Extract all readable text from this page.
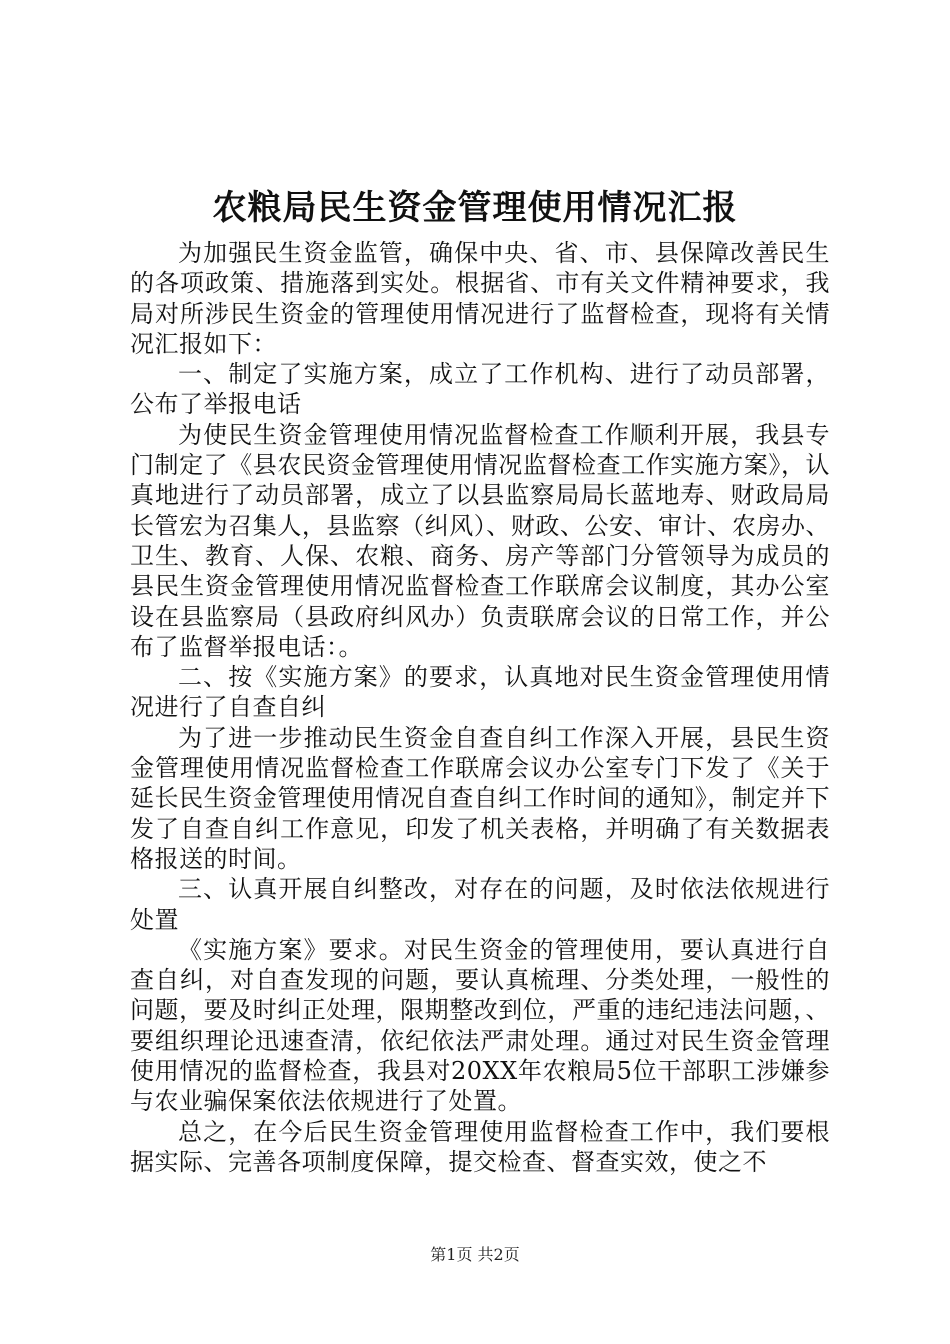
农粮局民生资金管理使用情况汇报

为加强民生资金监管，确保中央、省、市、县保障改善民生的各项政策、措施落到实处。根据省、市有关文件精神要求，我局对所涉民生资金的管理使用情况进行了监督检查，现将有关情况汇报如下：

一、制定了实施方案，成立了工作机构、进行了动员部署，公布了举报电话

为使民生资金管理使用情况监督检查工作顺利开展，我县专门制定了《县农民资金管理使用情况监督检查工作实施方案》，认真地进行了动员部署，成立了以县监察局局长蓝地寿、财政局局长管宏为召集人，县监察（纠风）、财政、公安、审计、农房办、卫生、教育、人保、农粮、商务、房产等部门分管领导为成员的县民生资金管理使用情况监督检查工作联席会议制度，其办公室设在县监察局（县政府纠风办）负责联席会议的日常工作，并公布了监督举报电话：。

二、按《实施方案》的要求，认真地对民生资金管理使用情况进行了自查自纠

为了进一步推动民生资金自查自纠工作深入开展，县民生资金管理使用情况监督检查工作联席会议办公室专门下发了《关于延长民生资金管理使用情况自查自纠工作时间的通知》，制定并下发了自查自纠工作意见，印发了机关表格，并明确了有关数据表格报送的时间。

三、认真开展自纠整改，对存在的问题，及时依法依规进行处置

《实施方案》要求。对民生资金的管理使用，要认真进行自查自纠，对自查发现的问题，要认真梳理、分类处理，一般性的问题，要及时纠正处理，限期整改到位，严重的违纪违法问题，、要组织理论迅速查清，依纪依法严肃处理。通过对民生资金管理使用情况的监督检查，我县对20XX年农粮局5位干部职工涉嫌参与农业骗保案依法依规进行了处置。

总之，在今后民生资金管理使用监督检查工作中，我们要根据实际、完善各项制度保障，提交检查、督查实效，使之不

第1页 共2页
